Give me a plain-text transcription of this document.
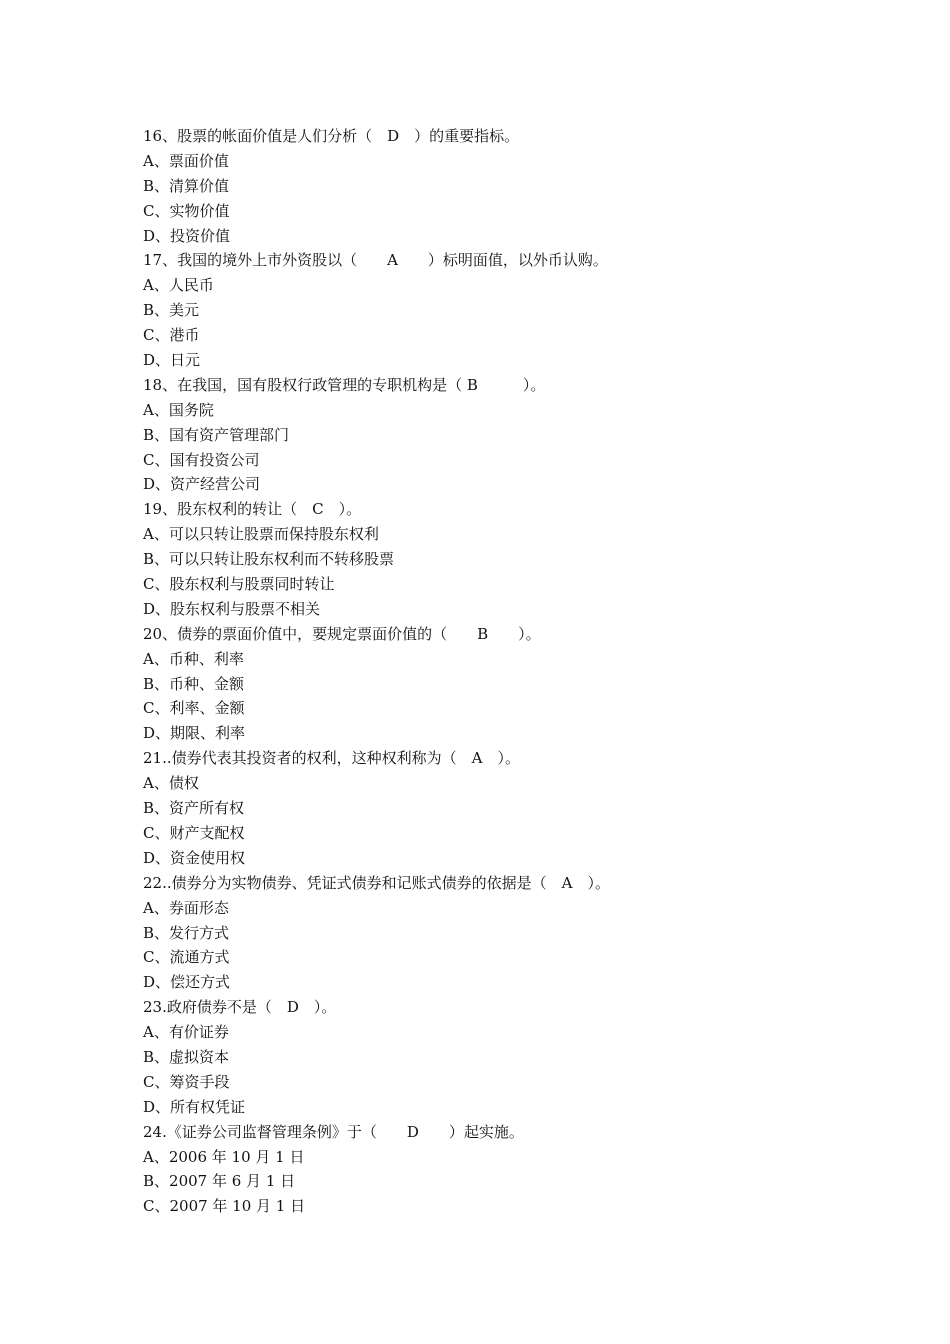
16、股票的帐面价值是人们分析（　D　）的重要指标。
A、票面价值
B、清算价值
C、实物价值
D、投资价值
17、我国的境外上市外资股以（　　A　　）标明面值，以外币认购。
A、人民币
B、美元
C、港币
D、日元
18、在我国，国有股权行政管理的专职机构是（ B　　　）。
A、国务院
B、国有资产管理部门
C、国有投资公司
D、资产经营公司
19、股东权利的转让（　C　）。
A、可以只转让股票而保持股东权利
B、可以只转让股东权利而不转移股票
C、股东权利与股票同时转让
D、股东权利与股票不相关
20、债券的票面价值中，要规定票面价值的（　　B　　）。
A、币种、利率
B、币种、金额
C、利率、金额
D、期限、利率
21..债券代表其投资者的权利，这种权利称为（　A　）。
A、债权
B、资产所有权
C、财产支配权
D、资金使用权
22..债券分为实物债券、凭证式债券和记账式债券的依据是（　A　）。
A、券面形态
B、发行方式
C、流通方式
D、偿还方式
23.政府债券不是（　D　）。
A、有价证券
B、虚拟资本
C、筹资手段
D、所有权凭证
24.《证券公司监督管理条例》于（　　D　　）起实施。
A、2006 年 10 月 1 日
B、2007 年 6 月 1 日
C、2007 年 10 月 1 日
